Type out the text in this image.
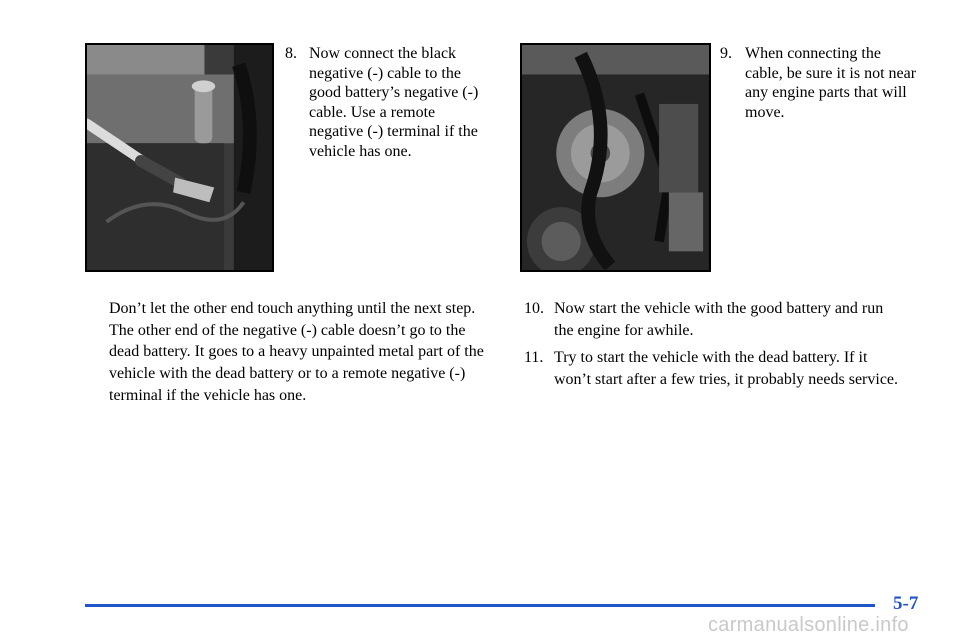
8. Now connect the black negative (-) cable to the good battery’s negative (-) cable. Use a remote negative (-) terminal if the vehicle has one.
9. When connecting the cable, be sure it is not near any engine parts that will move.

Don’t let the other end touch anything until the next step. The other end of the negative (-) cable doesn’t go to the dead battery. It goes to a heavy unpainted metal part of the vehicle with the dead battery or to a remote negative (-) terminal if the vehicle has one.

10. Now start the vehicle with the good battery and run the engine for awhile.
11. Try to start the vehicle with the dead battery. If it won’t start after a few tries, it probably needs service.
5-7
carmanualsonline.info
